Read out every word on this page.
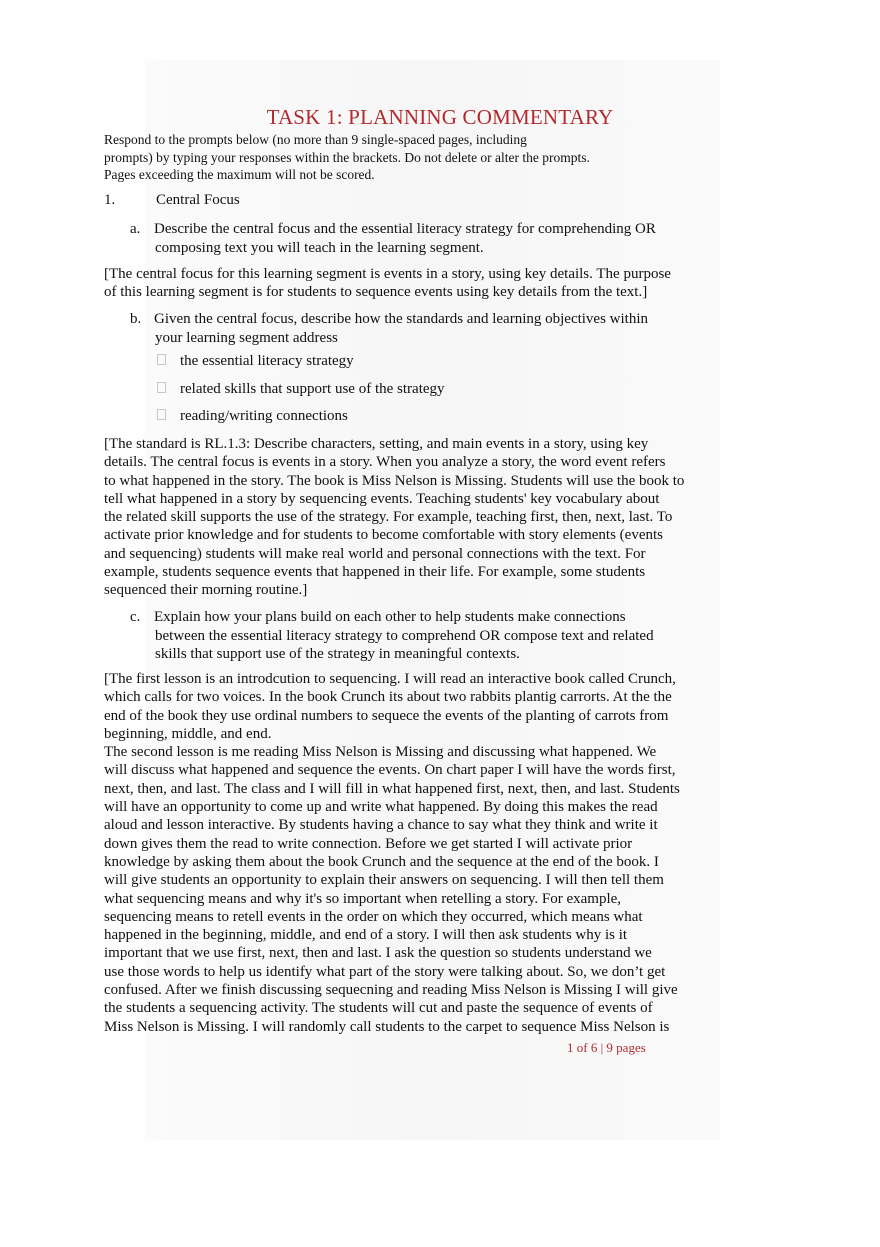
TASK 1: PLANNING COMMENTARY
Respond to the prompts below (no more than 9 single-spaced pages, including
prompts) by typing your responses within the brackets. Do not delete or alter the prompts.
Pages exceeding the maximum will not be scored.
1.	Central Focus
a. Describe the central focus and the essential literacy strategy for comprehending OR
composing text you will teach in the learning segment.
[The central focus for this learning segment is events in a story, using key details. The purpose
of this learning segment is for students to sequence events using key details from the text.]
b. Given the central focus, describe how the standards and learning objectives within
your learning segment address
the essential literacy strategy
related skills that support use of the strategy
reading/writing connections
[The standard is RL.1.3: Describe characters, setting, and main events in a story, using key
details. The central focus is events in a story. When you analyze a story, the word event refers
to what happened in the story. The book is Miss Nelson is Missing. Students will use the book to
tell what happened in a story by sequencing events. Teaching students' key vocabulary about
the related skill supports the use of the strategy. For example, teaching first, then, next, last. To
activate prior knowledge and for students to become comfortable with story elements (events
and sequencing) students will make real world and personal connections with the text. For
example, students sequence events that happened in their life. For example, some students
sequenced their morning routine.]
c. Explain how your plans build on each other to help students make connections
between the essential literacy strategy to comprehend OR compose text and related
skills that support use of the strategy in meaningful contexts.
[The first lesson is an introdcution to sequencing. I will read an interactive book called Crunch,
which calls for two voices. In the book Crunch its about two rabbits plantig carrorts. At the the
end of the book they use ordinal numbers to sequece the events of the planting of carrots from
beginning, middle, and end.
The second lesson is me reading Miss Nelson is Missing and discussing what happened. We
will discuss what happened and sequence the events. On chart paper I will have the words first,
next, then, and last. The class and I will fill in what happened first, next, then, and last. Students
will have an opportunity to come up and write what happened. By doing this makes the read
aloud and lesson interactive. By students having a chance to say what they think and write it
down gives them the read to write connection. Before we get started I will activate prior
knowledge by asking them about the book Crunch and the sequence at the end of the book. I
will give students an opportunity to explain their answers on sequencing. I will then tell them
what sequencing means and why it's so important when retelling a story. For example,
sequencing means to retell events in the order on which they occurred, which means what
happened in the beginning, middle, and end of a story. I will then ask students why is it
important that we use first, next, then and last. I ask the question so students understand we
use those words to help us identify what part of the story were talking about. So, we don’t get
confused. After we finish discussing sequecning and reading Miss Nelson is Missing I will give
the students a sequencing activity. The students will cut and paste the sequence of events of
Miss Nelson is Missing. I will randomly call students to the carpet to sequence Miss Nelson is
1 of 6 | 9 pages
